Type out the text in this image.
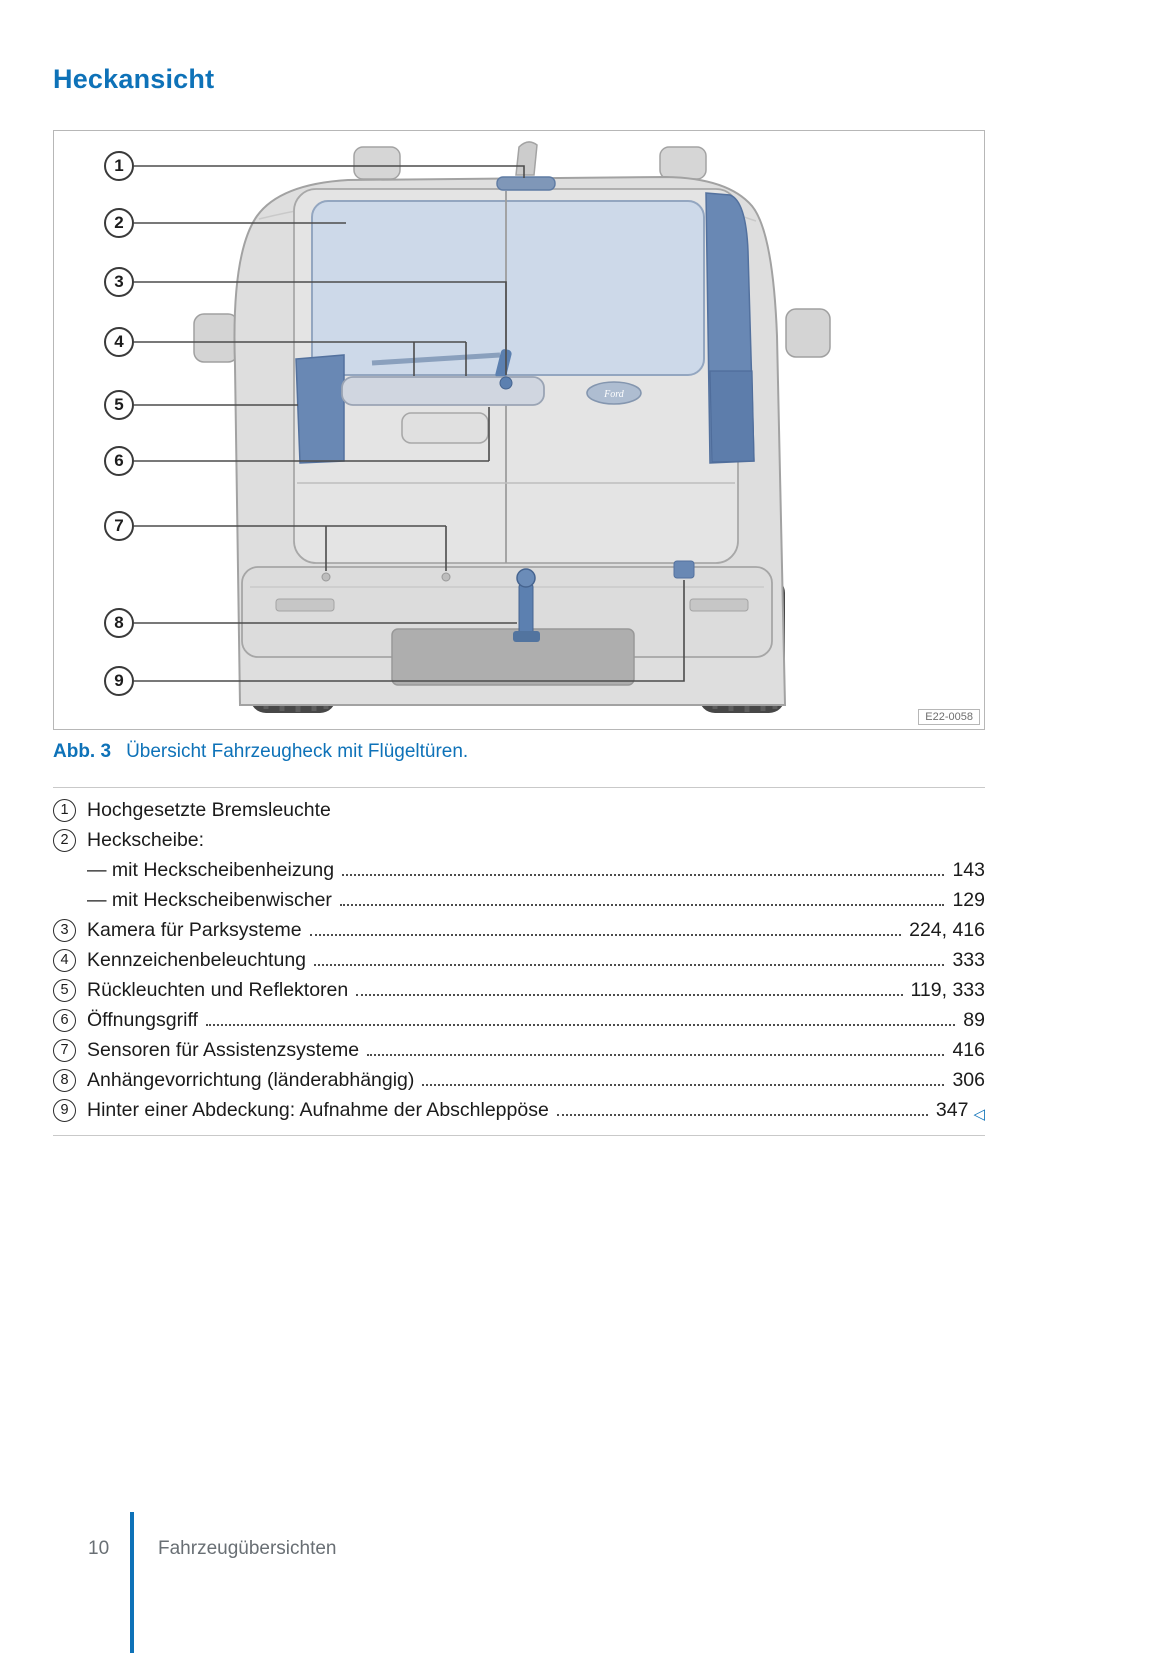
Heckansicht
Ford
1
2
3
4
5
6
7
8
9
E22-0058
Abb. 3 Übersicht Fahrzeugheck mit Flügeltüren.
1 Hochgesetzte Bremsleuchte
2 Heckscheibe:
— mit Heckscheibenheizung	143
— mit Heckscheibenwischer	129
3 Kamera für Parksysteme	224, 416
4 Kennzeichenbeleuchtung	333
5 Rückleuchten und Reflektoren	119, 333
6 Öffnungsgriff	89
7 Sensoren für Assistenzsysteme	416
8 Anhängevorrichtung (länderabhängig)	306
9 Hinter einer Abdeckung: Aufnahme der Abschleppöse	347 ◁
10	Fahrzeugübersichten
